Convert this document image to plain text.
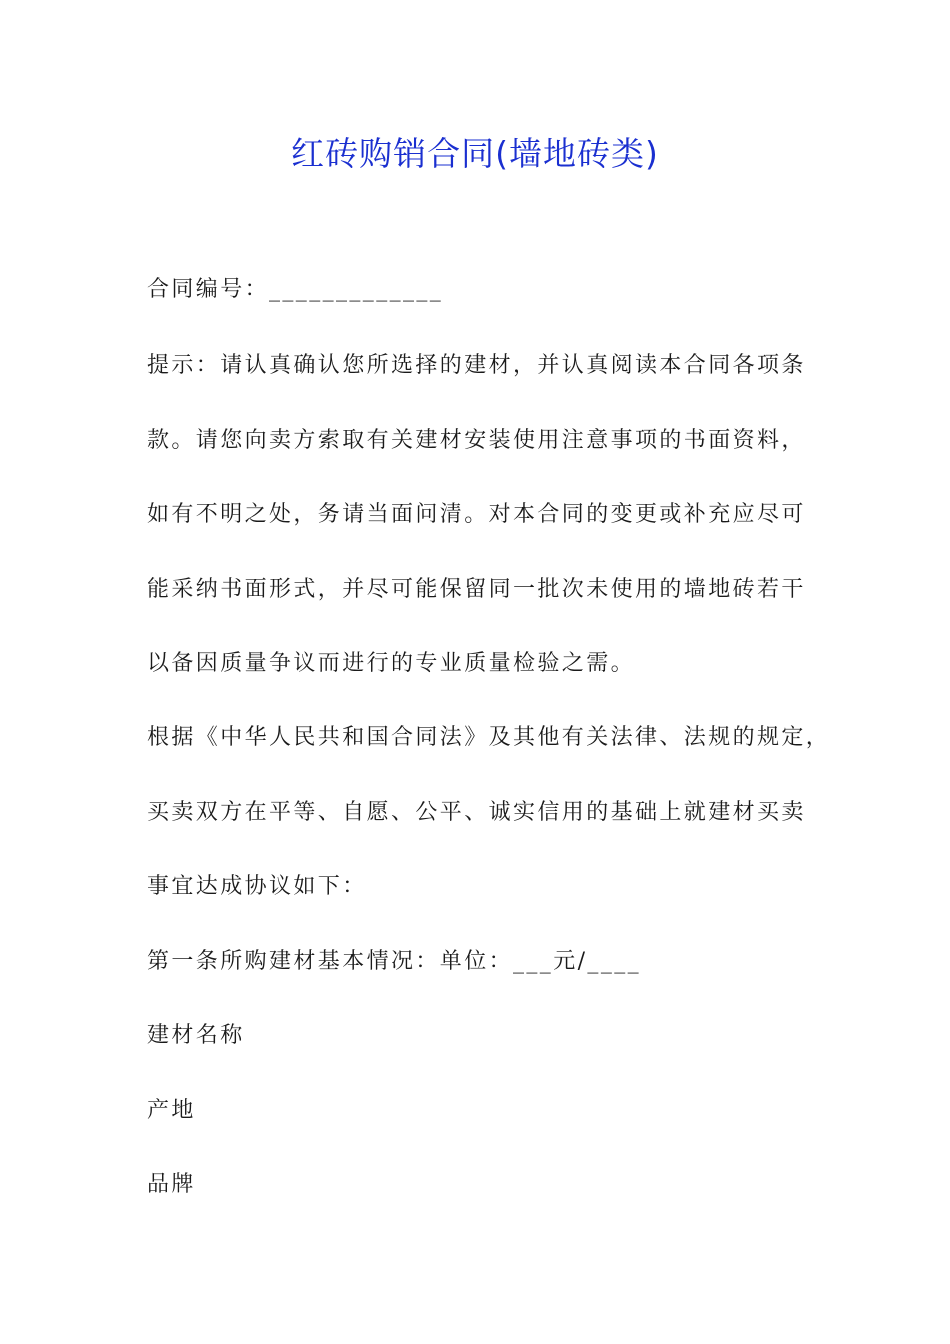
红砖购销合同(墙地砖类)

合同编号：_____________

提示：请认真确认您所选择的建材，并认真阅读本合同各项条

款。请您向卖方索取有关建材安装使用注意事项的书面资料，

如有不明之处，务请当面问清。对本合同的变更或补充应尽可

能采纳书面形式，并尽可能保留同一批次未使用的墙地砖若干

以备因质量争议而进行的专业质量检验之需。

根据《中华人民共和国合同法》及其他有关法律、法规的规定，

买卖双方在平等、自愿、公平、诚实信用的基础上就建材买卖

事宜达成协议如下：

第一条所购建材基本情况：单位：___元/____

建材名称

产地

品牌
